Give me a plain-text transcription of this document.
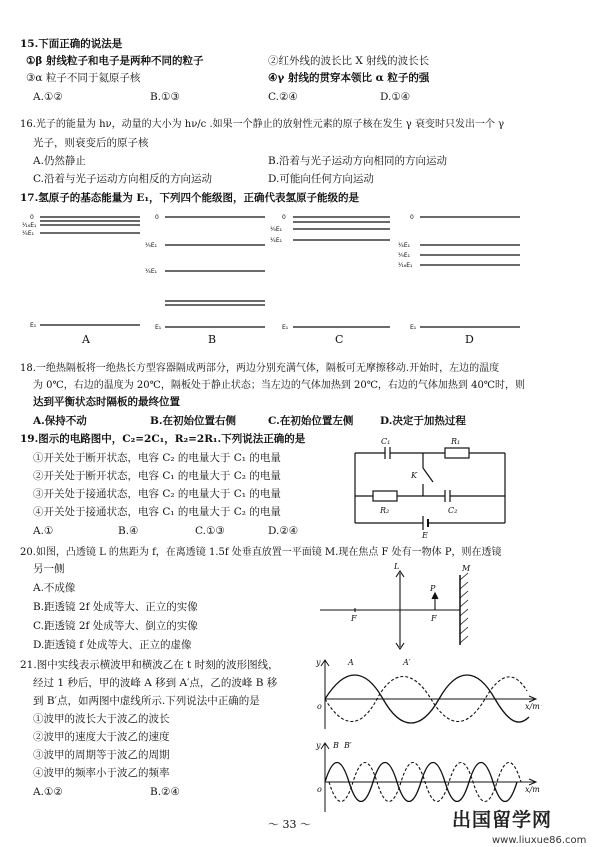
15.下面正确的说法是
①β 射线粒子和电子是两种不同的粒子	②红外线的波长比 X 射线的波长长
③α 粒子不同于氦原子核	④γ 射线的贯穿本领比 α 粒子的强
A.①②	B.①③	C.②④	D.①④
16.光子的能量为 hν，动量的大小为 hν/c .如果一个静止的放射性元素的原子核在发生 γ 衰变时只发出一个 γ
光子，则衰变后的原子核
A.仍然静止	B.沿着与光子运动方向相同的方向运动
C.沿着与光子运动方向相反的方向运动	D.可能向任何方向运动
17.氢原子的基态能量为 E₁，下列四个能级图，正确代表氢原子能级的是
0
¹⁄₁₆E₁
¹⁄₄E₁
E₁
0
¹⁄₉E₁
¹⁄₄E₁
E₁
0
¹⁄₉E₁
¹⁄₄E₁
E₁
0
¹⁄₄E₁
¹⁄₉E₁
¹⁄₁₆E₁
E₁
A	B	C	D
18.一绝热隔板将一绝热长方型容器隔成两部分，两边分别充满气体，隔板可无摩擦移动.开始时，左边的温度
为 0℃，右边的温度为 20℃，隔板处于静止状态；当左边的气体加热到 20℃，右边的气体加热到 40℃时，则
达到平衡状态时隔板的最终位置
A.保持不动	B.在初始位置右侧	C.在初始位置左侧	D.决定于加热过程
19.图示的电路图中，C₂=2C₁，R₂=2R₁.下列说法正确的是
①开关处于断开状态，电容 C₂ 的电量大于 C₁ 的电量
②开关处于断开状态，电容 C₁ 的电量大于 C₂ 的电量
③开关处于接通状态，电容 C₂ 的电量大于 C₁ 的电量
④开关处于接通状态，电容 C₁ 的电量大于 C₂ 的电量
A.①	B.④	C.①③	D.②④
C₁	R₁
K
R₂	C₂
E
20.如图，凸透镜 L 的焦距为 f，在离透镜 1.5f 处垂直放置一平面镜 M.现在焦点 F 处有一物体 P，则在透镜
另一侧
A.不成像
B.距透镜 2f 处成等大、正立的实像
C.距透镜 2f 处成等大、倒立的实像
D.距透镜 f 处成等大、正立的虚像
L	M
P
F	F
21.图中实线表示横波甲和横波乙在 t 时刻的波形图线，
经过 1 秒后，甲的波峰 A 移到 A′点，乙的波峰 B 移
到 B′点，如两图中虚线所示.下列说法中正确的是
①波甲的波长大于波乙的波长
②波甲的速度大于波乙的速度
③波甲的周期等于波乙的周期
④波甲的频率小于波乙的频率
A.①②	B.②④
y
o	x/m
A	A′
y
o	x/m
B B′
～ 33 ～	出国留学网
www.liuxue86.com
